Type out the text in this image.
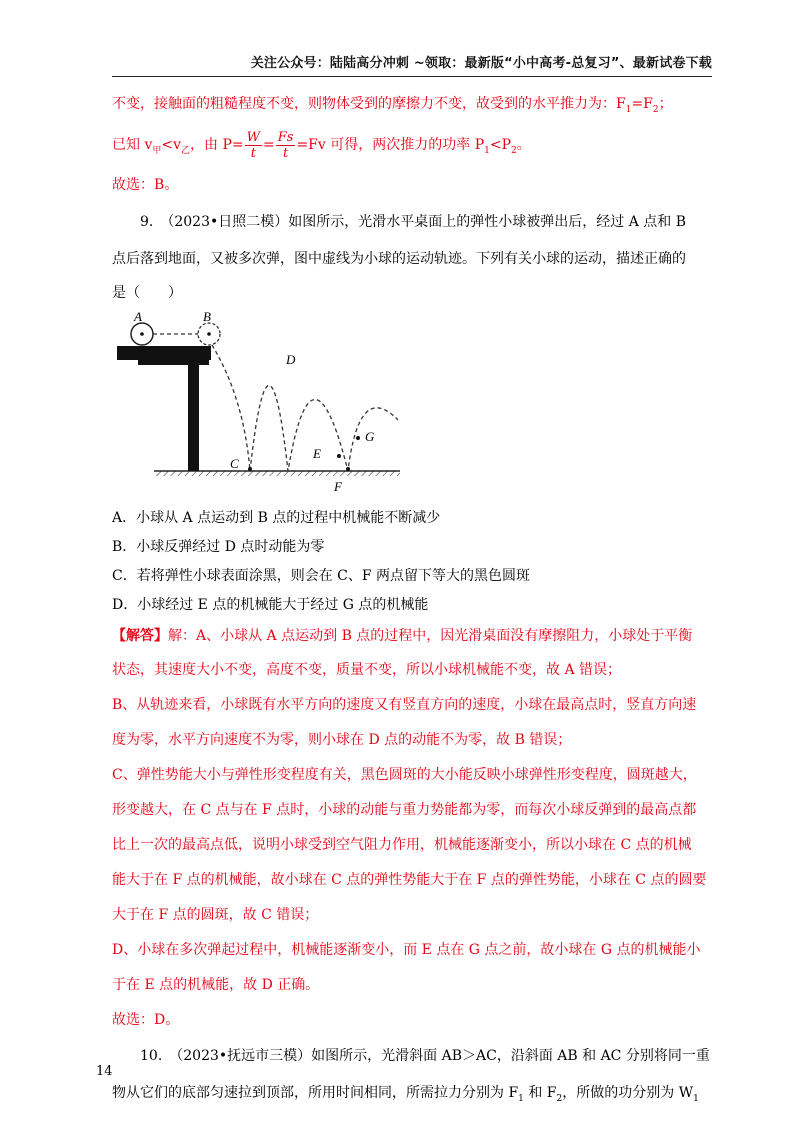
关注公众号：陆陆高分冲刺 ~领取：最新版“小中高考-总复习”、最新试卷下载
不变，接触面的粗糙程度不变，则物体受到的摩擦力不变，故受到的水平推力为：$F_1=F_2$；
已知 $v_甲<v_乙$，由 $P= \frac{W}{t} = \frac{Fs}{t} =Fv$ 可得，两次推力的功率 $P_1<P_2$。
故选：B。
9.　（2023•日照二模）如图所示，光滑水平桌面上的弹性小球被弹出后，经过 A 点和 B
点后落到地面，又被多次弹，图中虚线为小球的运动轨迹。下列有关小球的运动，描述正确的
是（　　）
A	B
C
D
E
F
G
A．小球从 A 点运动到 B 点的过程中机械能不断减少
B．小球反弹经过 D 点时动能为零
C．若将弹性小球表面涂黑，则会在 C、F 两点留下等大的黑色圆斑
D．小球经过 E 点的机械能大于经过 G 点的机械能
【解答】解：A、小球从 A 点运动到 B 点的过程中，因光滑桌面没有摩擦阻力，小球处于平衡
状态，其速度大小不变，高度不变，质量不变，所以小球机械能不变，故 A 错误；
B、从轨迹来看，小球既有水平方向的速度又有竖直方向的速度，小球在最高点时，竖直方向速
度为零，水平方向速度不为零，则小球在 D 点的动能不为零，故 B 错误；
C、弹性势能大小与弹性形变程度有关，黑色圆斑的大小能反映小球弹性形变程度，圆斑越大，
形变越大，在 C 点与在 F 点时，小球的动能与重力势能都为零，而每次小球反弹到的最高点都
比上一次的最高点低，说明小球受到空气阻力作用，机械能逐渐变小，所以小球在 C 点的机械
能大于在 F 点的机械能，故小球在 C 点的弹性势能大于在 F 点的弹性势能，小球在 C 点的圆要
大于在 F 点的圆斑，故 C 错误；
D、小球在多次弹起过程中，机械能逐渐变小，而 E 点在 G 点之前，故小球在 G 点的机械能小
于在 E 点的机械能，故 D 正确。
故选：D。
10.　（2023•抚远市三模）如图所示，光滑斜面 AB＞AC，沿斜面 AB 和 AC 分别将同一重
物从它们的底部匀速拉到顶部，所用时间相同，所需拉力分别为 $F_1$ 和 $F_2$，所做的功分别为 $W_1$
14
